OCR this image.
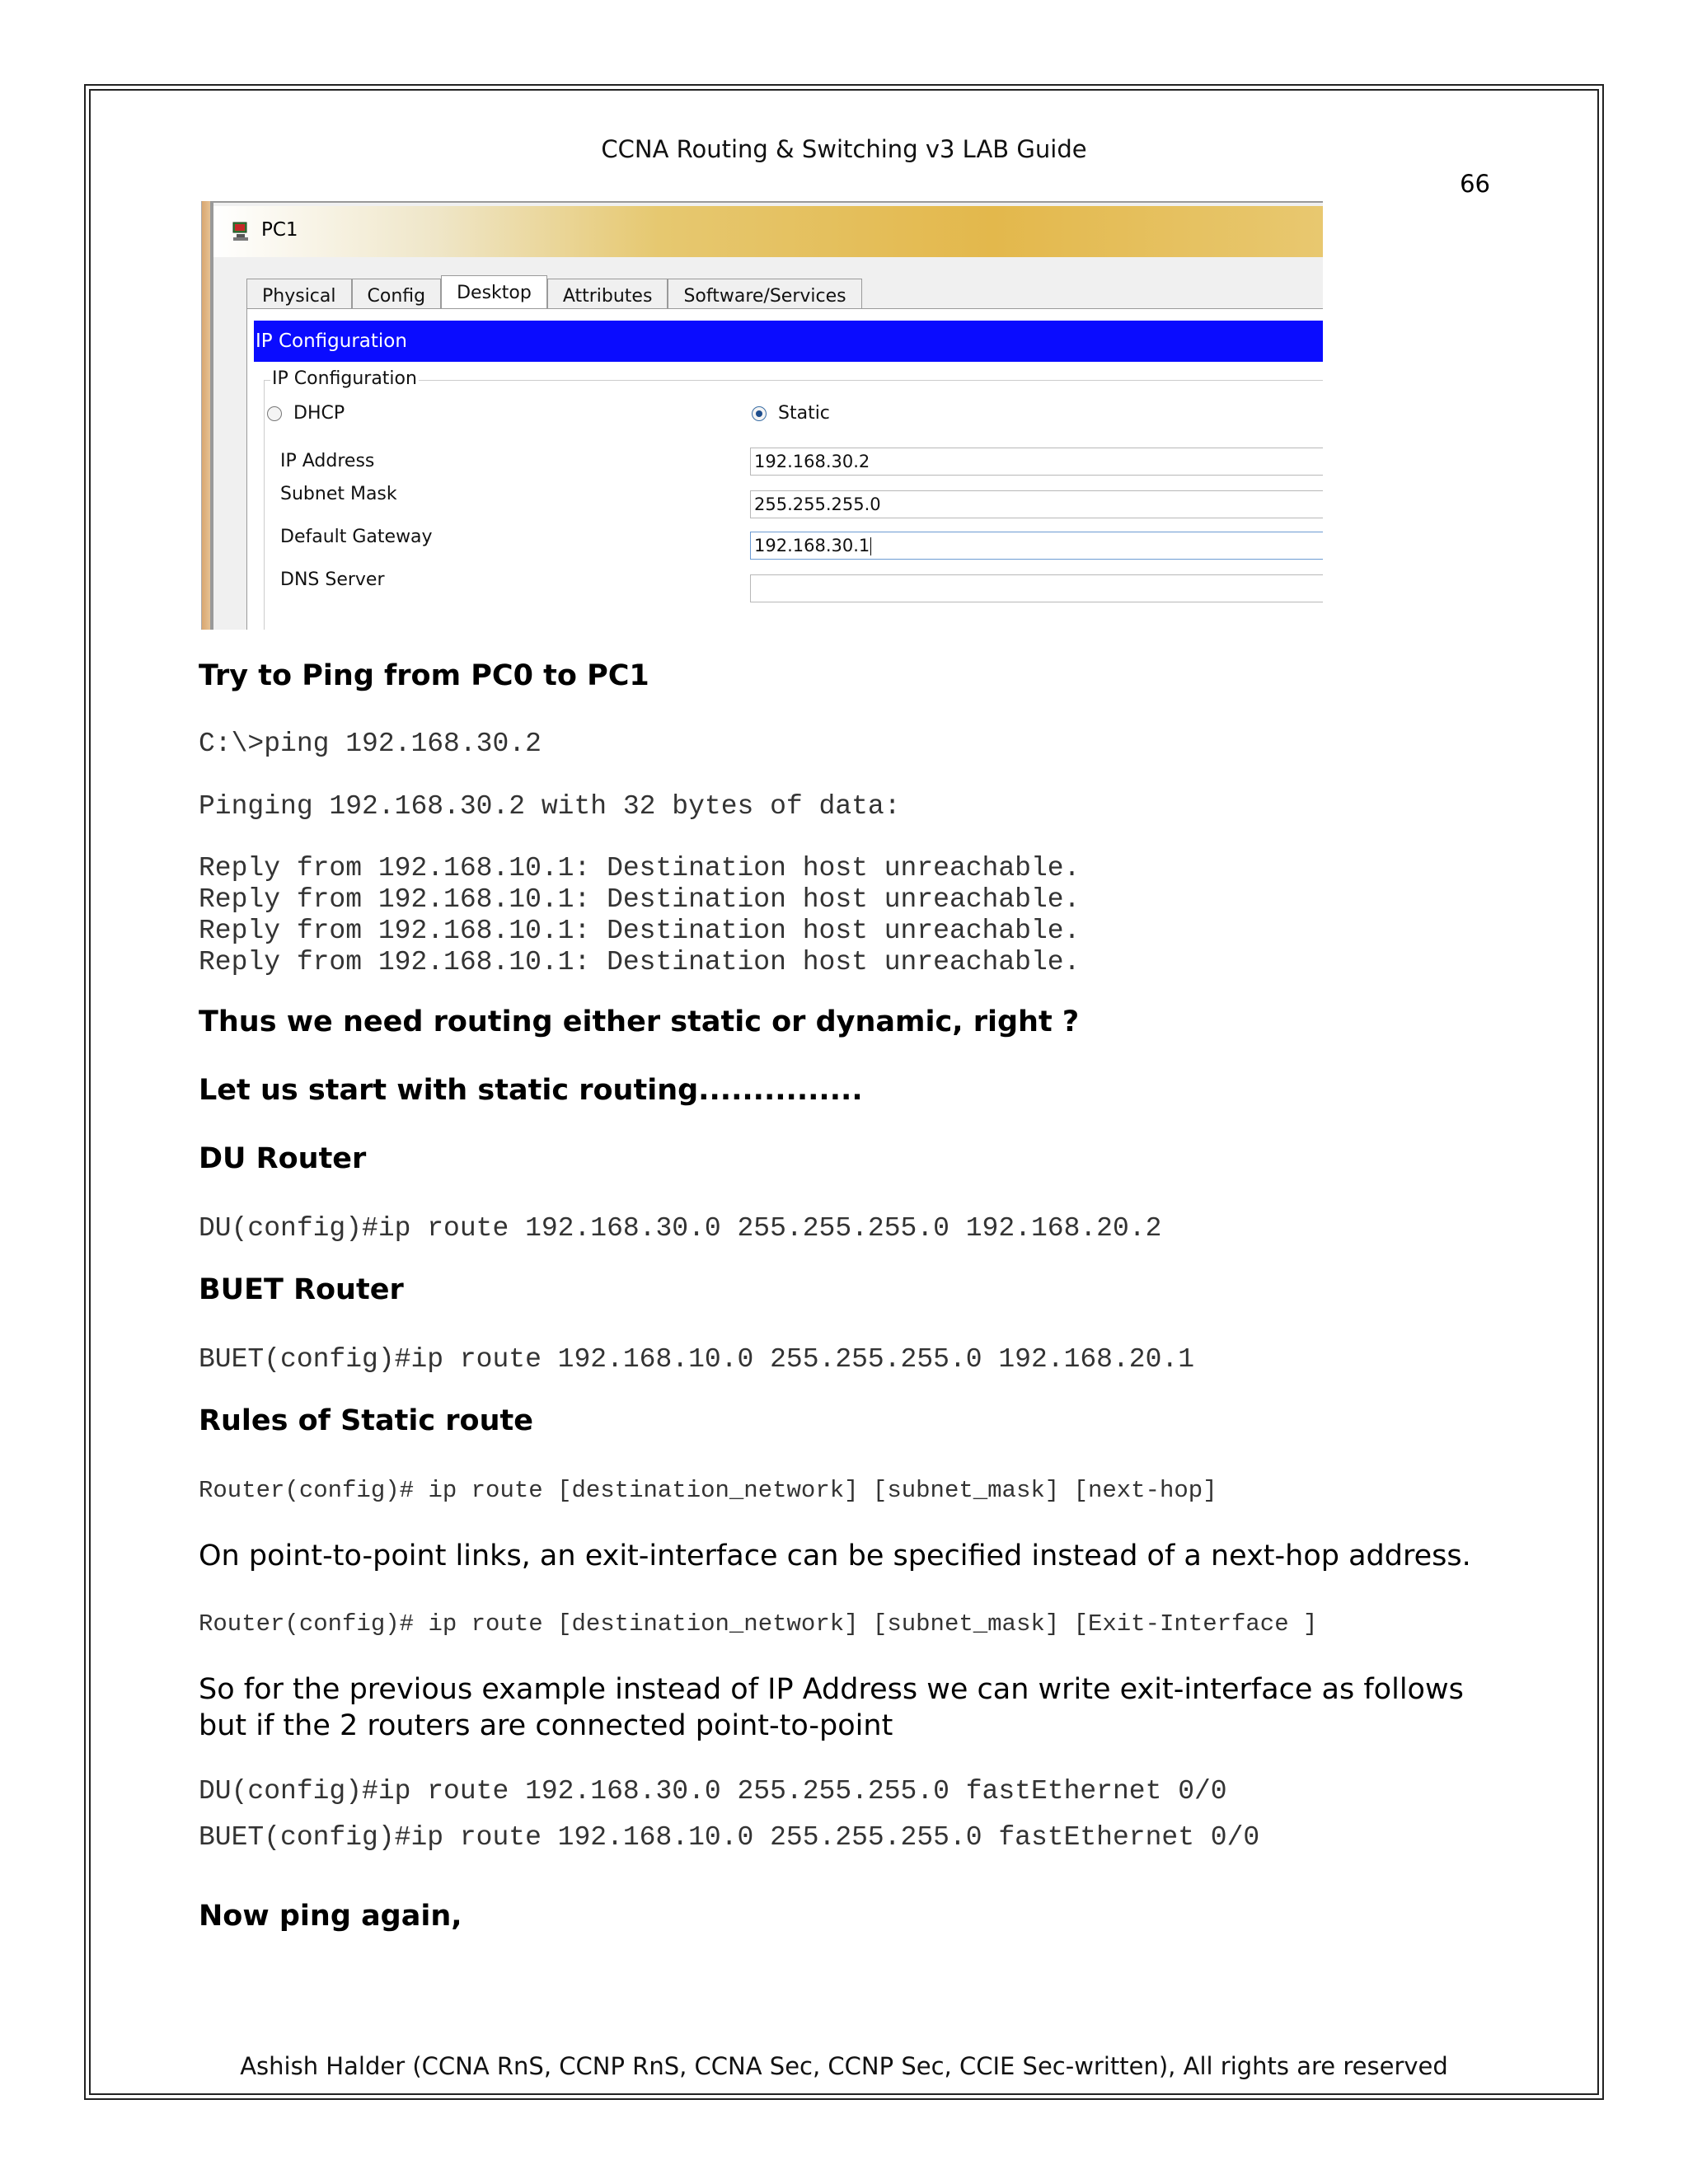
CCNA Routing & Switching v3 LAB Guide
66
PC1
Physical	Config	Desktop	Attributes	Software/Services
IP Configuration
IP Configuration
DHCP	Static
IP Address	192.168.30.2
Subnet Mask	255.255.255.0
Default Gateway	192.168.30.1
DNS Server
Try to Ping from PC0 to PC1
C:\>ping 192.168.30.2
Pinging 192.168.30.2 with 32 bytes of data:
Reply from 192.168.10.1: Destination host unreachable.
Reply from 192.168.10.1: Destination host unreachable.
Reply from 192.168.10.1: Destination host unreachable.
Reply from 192.168.10.1: Destination host unreachable.
Thus we need routing either static or dynamic, right ?
Let us start with static routing...............
DU Router
DU(config)#ip route 192.168.30.0 255.255.255.0 192.168.20.2
BUET Router
BUET(config)#ip route 192.168.10.0 255.255.255.0 192.168.20.1
Rules of Static route
Router(config)# ip route [destination_network] [subnet_mask] [next-hop]
On point-to-point links, an exit-interface can be specified instead of a next-hop address.
Router(config)# ip route [destination_network] [subnet_mask] [Exit-Interface ]
So for the previous example instead of IP Address we can write exit-interface as follows but if the 2 routers are connected point-to-point
DU(config)#ip route 192.168.30.0 255.255.255.0 fastEthernet 0/0
BUET(config)#ip route 192.168.10.0 255.255.255.0 fastEthernet 0/0
Now ping again,
Ashish Halder (CCNA RnS, CCNP RnS, CCNA Sec, CCNP Sec, CCIE Sec-written), All rights are reserved
